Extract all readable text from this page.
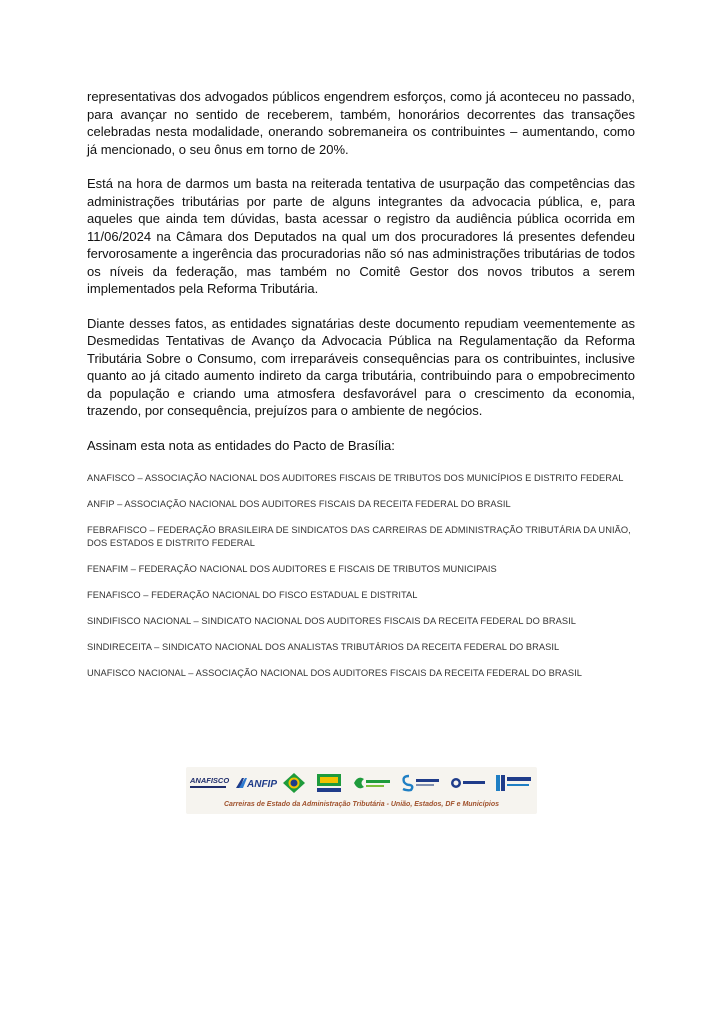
representativas dos advogados públicos engendrem esforços, como já aconteceu no passado, para avançar no sentido de receberem, também, honorários decorrentes das transações celebradas nesta modalidade, onerando sobremaneira os contribuintes – aumentando, como já mencionado, o seu ônus em torno de 20%.

Está na hora de darmos um basta na reiterada tentativa de usurpação das competências das administrações tributárias por parte de alguns integrantes da advocacia pública, e, para aqueles que ainda tem dúvidas, basta acessar o registro da audiência pública ocorrida em 11/06/2024 na Câmara dos Deputados na qual um dos procuradores lá presentes defendeu fervorosamente a ingerência das procuradorias não só nas administrações tributárias de todos os níveis da federação, mas também no Comitê Gestor dos novos tributos a serem implementados pela Reforma Tributária.

Diante desses fatos, as entidades signatárias deste documento repudiam veementemente as Desmedidas Tentativas de Avanço da Advocacia Pública na Regulamentação da Reforma Tributária Sobre o Consumo, com irreparáveis consequências para os contribuintes, inclusive quanto ao já citado aumento indireto da carga tributária, contribuindo para o empobrecimento da população e criando uma atmosfera desfavorável para o crescimento da economia, trazendo, por consequência, prejuízos para o ambiente de negócios.

Assinam esta nota as entidades do Pacto de Brasília:

ANAFISCO – ASSOCIAÇÃO NACIONAL DOS AUDITORES FISCAIS DE TRIBUTOS DOS MUNICÍPIOS E DISTRITO FEDERAL

ANFIP – ASSOCIAÇÃO NACIONAL DOS AUDITORES FISCAIS DA RECEITA FEDERAL DO BRASIL

FEBRAFISCO – FEDERAÇÃO BRASILEIRA DE SINDICATOS DAS CARREIRAS DE ADMINISTRAÇÃO TRIBUTÁRIA DA UNIÃO, DOS ESTADOS E DISTRITO FEDERAL

FENAFIM – FEDERAÇÃO NACIONAL DOS AUDITORES E FISCAIS DE TRIBUTOS MUNICIPAIS

FENAFISCO – FEDERAÇÃO NACIONAL DO FISCO ESTADUAL E DISTRITAL

SINDIFISCO NACIONAL – SINDICATO NACIONAL DOS AUDITORES FISCAIS DA RECEITA FEDERAL DO BRASIL

SINDIRECEITA – SINDICATO NACIONAL DOS ANALISTAS TRIBUTÁRIOS DA RECEITA FEDERAL DO BRASIL

UNAFISCO NACIONAL – ASSOCIAÇÃO NACIONAL DOS AUDITORES FISCAIS DA RECEITA FEDERAL DO BRASIL

ANAFISCO ANFIP
Carreiras de Estado da Administração Tributária - União, Estados, DF e Municípios
